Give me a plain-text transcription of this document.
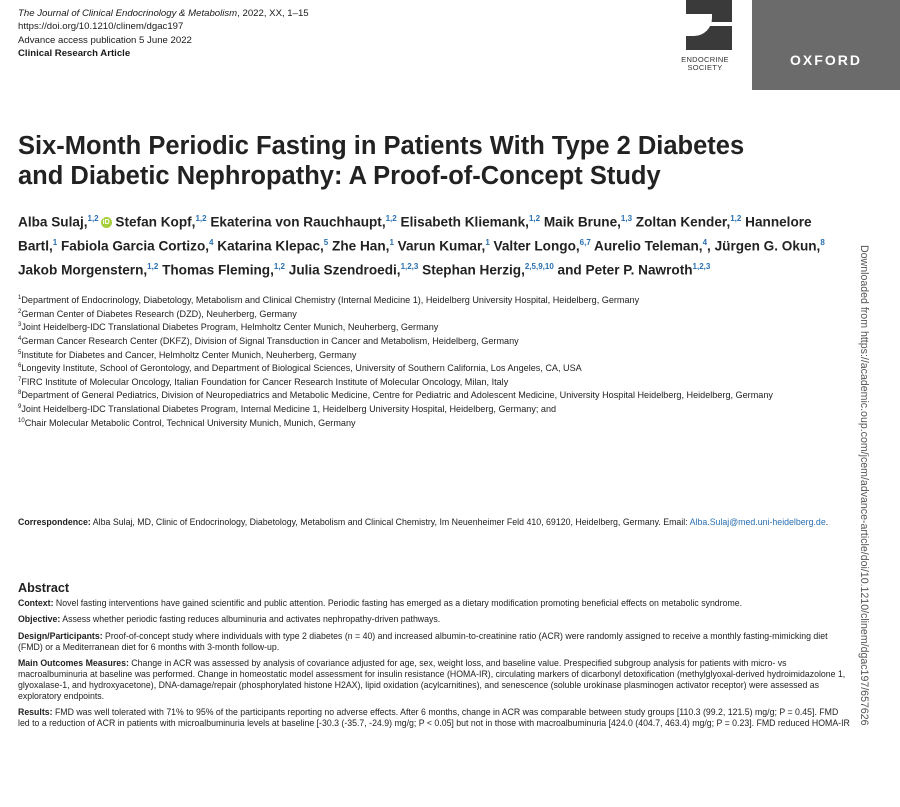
The Journal of Clinical Endocrinology & Metabolism, 2022, XX, 1–15
https://doi.org/10.1210/clinem/dgac197
Advance access publication 5 June 2022
Clinical Research Article
ENDOCRINE
SOCIETY	OXFORD
Six-Month Periodic Fasting in Patients With Type 2 Diabetes
and Diabetic Nephropathy: A Proof-of-Concept Study
Alba Sulaj,$^{1,2}$ iD Stefan Kopf,$^{1,2}$ Ekaterina von Rauchhaupt,$^{1,2}$ Elisabeth Kliemank,$^{1,2}$ Maik Brune,$^{1,3}$ Zoltan Kender,$^{1,2}$ Hannelore Bartl,$^1$ Fabiola Garcia Cortizo,$^4$ Katarina Klepac,$^5$ Zhe Han,$^1$ Varun Kumar,$^1$ Valter Longo,$^{6,7}$ Aurelio Teleman,$^4$, Jürgen G. Okun,$^8$ Jakob Morgenstern,$^{1,2}$ Thomas Fleming,$^{1,2}$ Julia Szendroedi,$^{1,2,3}$ Stephan Herzig,$^{2,5,9,10}$ and Peter P. Nawroth$^{1,2,3}$
$^1$Department of Endocrinology, Diabetology, Metabolism and Clinical Chemistry (Internal Medicine 1), Heidelberg University Hospital, Heidelberg, Germany
$^2$German Center of Diabetes Research (DZD), Neuherberg, Germany
$^3$Joint Heidelberg-IDC Translational Diabetes Program, Helmholtz Center Munich, Neuherberg, Germany
$^4$German Cancer Research Center (DKFZ), Division of Signal Transduction in Cancer and Metabolism, Heidelberg, Germany
$^5$Institute for Diabetes and Cancer, Helmholtz Center Munich, Neuherberg, Germany
$^6$Longevity Institute, School of Gerontology, and Department of Biological Sciences, University of Southern California, Los Angeles, CA, USA
$^7$FIRC Institute of Molecular Oncology, Italian Foundation for Cancer Research Institute of Molecular Oncology, Milan, Italy
$^8$Department of General Pediatrics, Division of Neuropediatrics and Metabolic Medicine, Centre for Pediatric and Adolescent Medicine, University Hospital Heidelberg, Heidelberg, Germany
$^9$Joint Heidelberg-IDC Translational Diabetes Program, Internal Medicine 1, Heidelberg University Hospital, Heidelberg, Germany; and
$^{10}$Chair Molecular Metabolic Control, Technical University Munich, Munich, Germany
Correspondence: Alba Sulaj, MD, Clinic of Endocrinology, Diabetology, Metabolism and Clinical Chemistry, Im Neuenheimer Feld 410, 69120, Heidelberg, Germany. Email: Alba.Sulaj@med.uni-heidelberg.de.
Abstract

Context: Novel fasting interventions have gained scientific and public attention. Periodic fasting has emerged as a dietary modification promoting beneficial effects on metabolic syndrome.

Objective: Assess whether periodic fasting reduces albuminuria and activates nephropathy-driven pathways.

Design/Participants: Proof-of-concept study where individuals with type 2 diabetes (n = 40) and increased albumin-to-creatinine ratio (ACR) were randomly assigned to receive a monthly fasting-mimicking diet (FMD) or a Mediterranean diet for 6 months with 3-month follow-up.

Main Outcomes Measures: Change in ACR was assessed by analysis of covariance adjusted for age, sex, weight loss, and baseline value. Prespecified subgroup analysis for patients with micro- vs macroalbuminuria at baseline was performed. Change in homeostatic model assessment for insulin resistance (HOMA-IR), circulating markers of dicarbonyl detoxification (methylglyoxal-derived hydroimidazolone 1, glyoxalase-1, and hydroxyacetone), DNA-damage/repair (phosphorylated histone H2AX), lipid oxidation (acylcarnitines), and senescence (soluble urokinase plasminogen activator receptor) were assessed as exploratory endpoints.

Results: FMD was well tolerated with 71% to 95% of the participants reporting no adverse effects. After 6 months, change in ACR was comparable between study groups [110.3 (99.2, 121.5) mg/g; P = 0.45]. FMD led to a reduction of ACR in patients with microalbuminuria levels at baseline [-30.3 (-35.7, -24.9) mg/g; P < 0.05] but not in those with macroalbuminuria [424.0 (404.7, 463.4) mg/g; P = 0.23]. FMD reduced HOMA-IR Downloaded from https://academic.oup.com/jcem/advance-article/doi/10.1210/clinem/dgac197/657626
